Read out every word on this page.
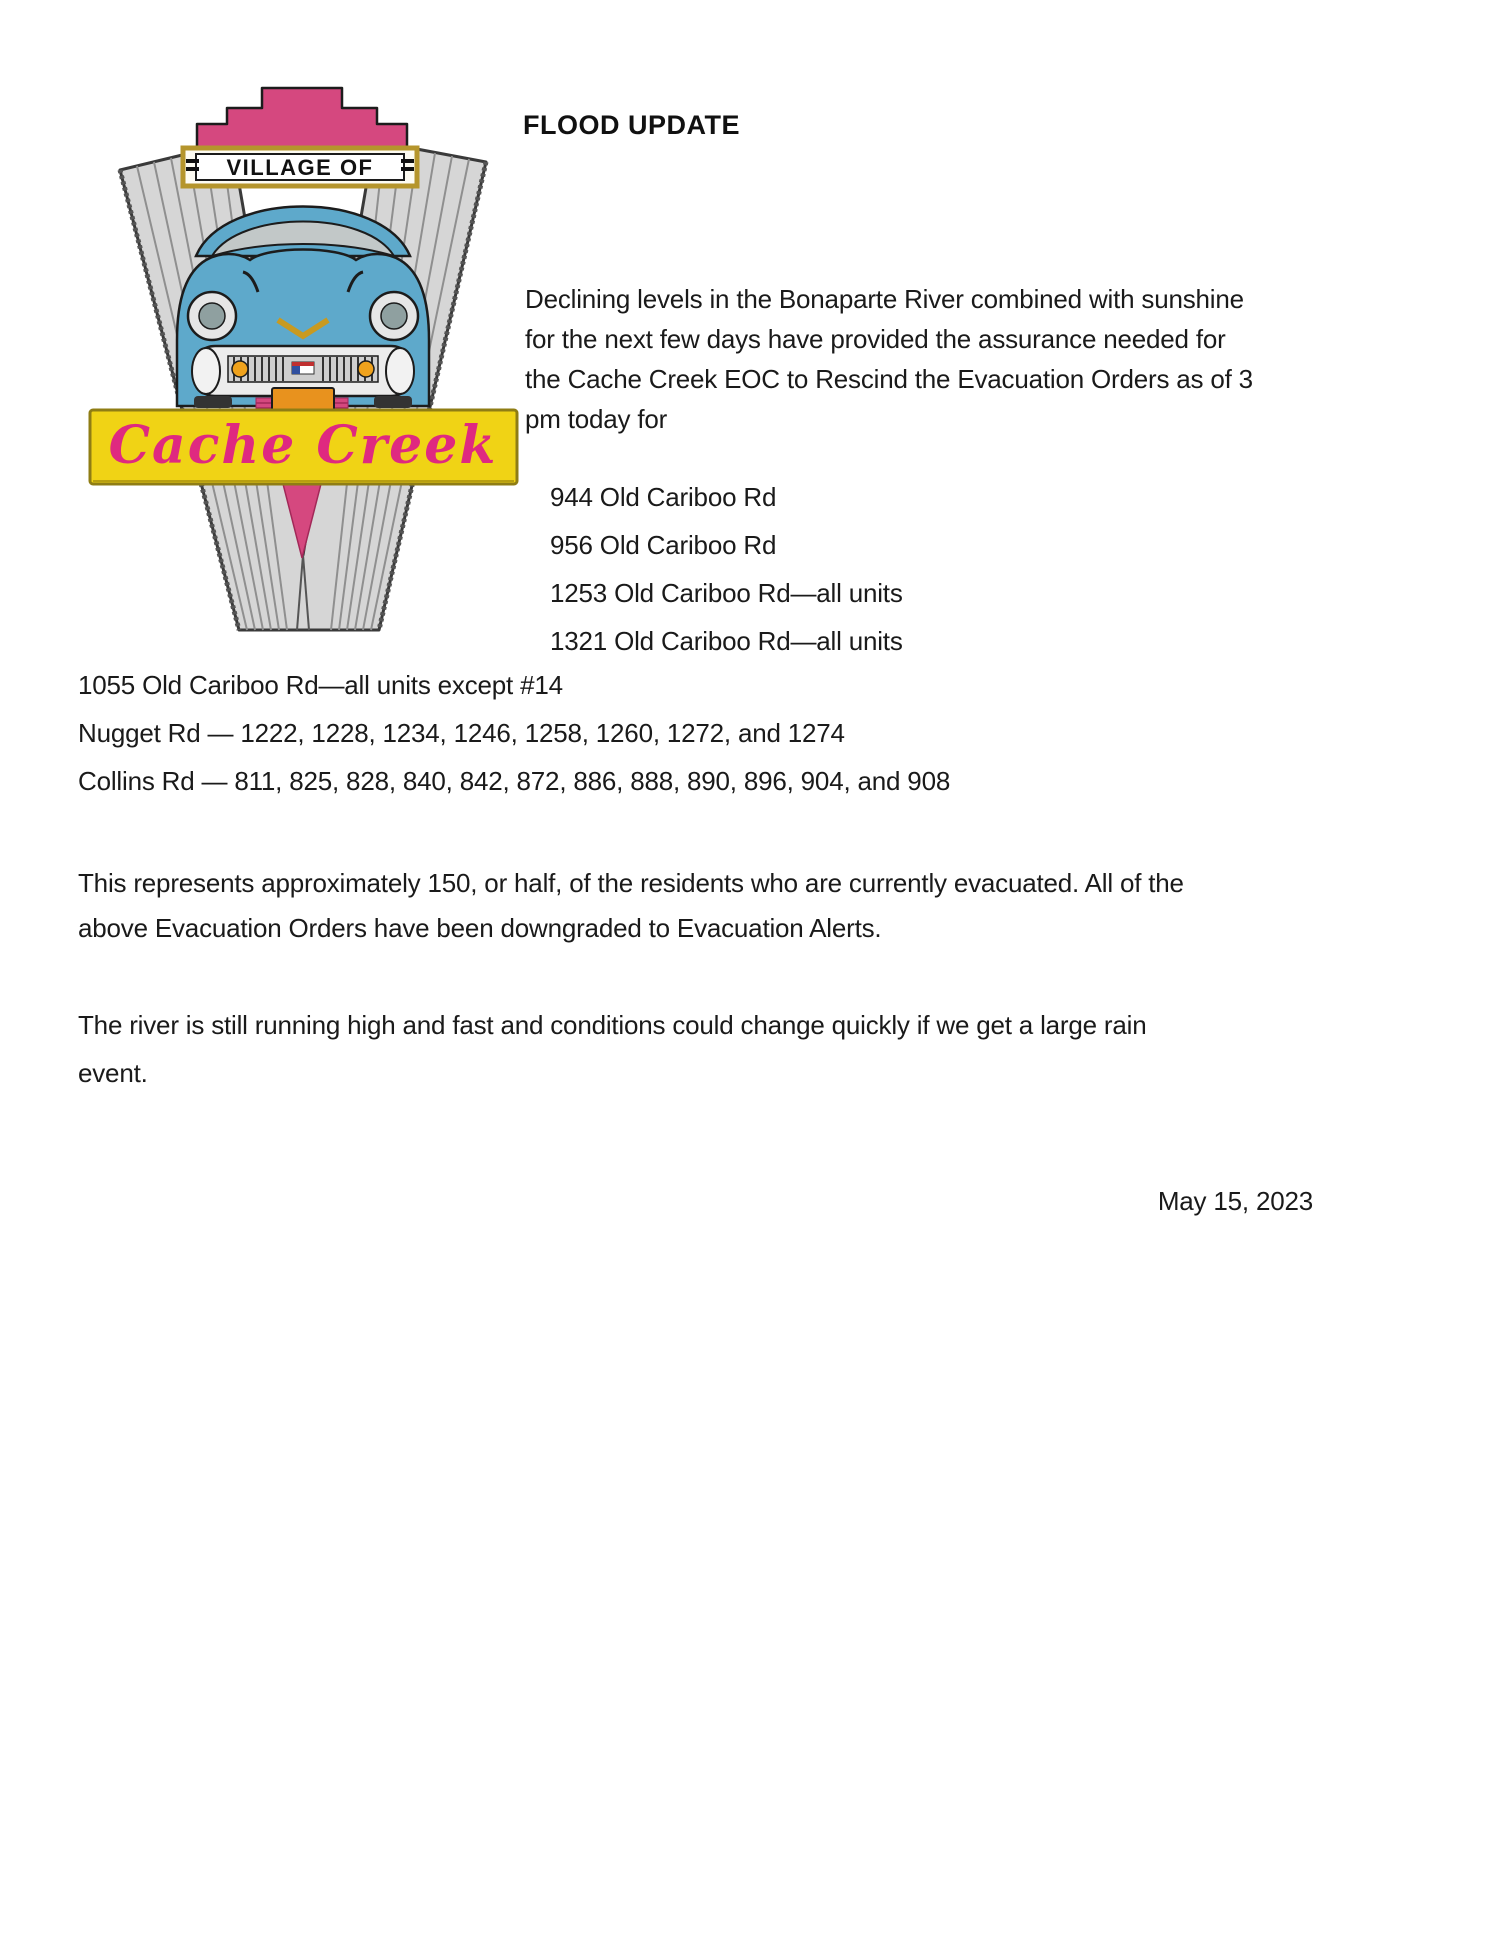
VILLAGE OF
Cache Creek
FLOOD UPDATE
Declining levels in the Bonaparte River combined with sunshine
for the next few days have provided the assurance needed for
the Cache Creek EOC to Rescind the Evacuation Orders as of 3
pm today for
944 Old Cariboo Rd
956 Old Cariboo Rd
1253 Old Cariboo Rd—all units
1321 Old Cariboo Rd—all units
1055 Old Cariboo Rd—all units except #14
Nugget Rd — 1222, 1228, 1234, 1246, 1258, 1260, 1272, and 1274
Collins Rd — 811, 825, 828, 840, 842, 872, 886, 888, 890, 896, 904, and 908
This represents approximately 150, or half, of the residents who are currently evacuated. All of the
above Evacuation Orders have been downgraded to Evacuation Alerts.
The river is still running high and fast and conditions could change quickly if we get a large rain
event.
May 15, 2023
